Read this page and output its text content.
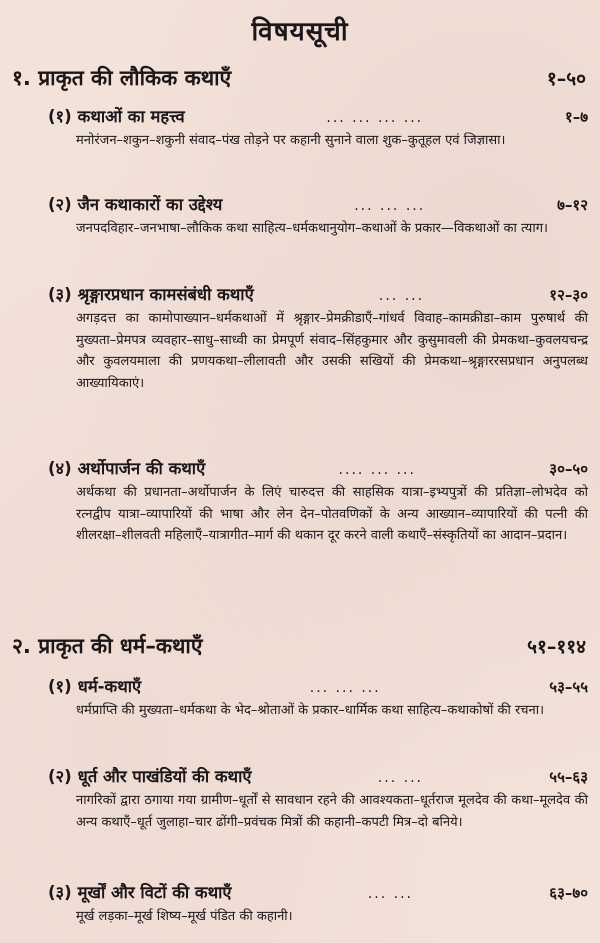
विषयसूची
१. प्राकृत की लौकिक कथाएँ	१–५०
(१) कथाओं का महत्त्व	... ... ... ...	१–७
मनोरंजन–शकुन–शकुनी संवाद–पंख तोड़ने पर कहानी सुनाने वाला शुक–कुतूहल एवं जिज्ञासा।
(२) जैन कथाकारों का उद्देश्य	... ... ...	७–१२
जनपदविहार–जनभाषा–लौकिक कथा साहित्य–धर्मकथानुयोग–कथाओं के प्रकार—विकथाओं का त्याग।
(३) श्रृङ्गारप्रधान कामसंबंधी कथाएँ	... ...	१२–३०
अगड़दत्त का कामोपाख्यान–धर्मकथाओं में श्रृङ्गार–प्रेमक्रीडाएँ–गांधर्व विवाह–कामक्रीडा–काम पुरुषार्थ की मुख्यता–प्रेमपत्र व्यवहार–साधु–साध्वी का प्रेमपूर्ण संवाद–सिंहकुमार और कुसुमावली की प्रेमकथा–कुवलयचन्द्र और कुवलयमाला की प्रणयकथा–लीलावती और उसकी सखियों की प्रेमकथा–श्रृङ्गाररसप्रधान अनुपलब्ध आख्यायिकाएं।
(४) अर्थोपार्जन की कथाएँ	.... ... ...	३०–५०
अर्थकथा की प्रधानता–अर्थोपार्जन के लिएं चारुदत्त की साहसिक यात्रा–इभ्यपुत्रों की प्रतिज्ञा–लोभदेव को रत्नद्वीप यात्रा–व्यापारियों की भाषा और लेन देन–पोतवणिकों के अन्य आख्यान–व्यापारियों की पत्नी की शीलरक्षा–शीलवती महिलाएँ–यात्रागीत–मार्ग की थकान दूर करने वाली कथाएँ–संस्कृतियों का आदान–प्रदान।
२. प्राकृत की धर्म–कथाएँ	५१–११४
(१) धर्म-कथाएँ	... ... ...	५३–५५
धर्मप्राप्ति की मुख्यता–धर्मकथा के भेद–श्रोताओं के प्रकार–धार्मिक कथा साहित्य–कथाकोषों की रचना।
(२) धूर्त और पाखंडियों की कथाएँ	... ...	५५–६३
नागरिकों द्वारा ठगाया गया ग्रामीण–धूर्तों से सावधान रहने की आवश्यकता–धूर्तराज मूलदेव की कथा–मूलदेव की अन्य कथाएँ–धूर्त जुलाहा–चार ढोंगी–प्रवंचक मित्रों की कहानी–कपटी मित्र–दो बनिये।
(३) मूर्खों और विटों की कथाएँ	... ...	६३–७०
मूर्ख लड़का–मूर्ख शिष्य–मूर्ख पंडित की कहानी।
